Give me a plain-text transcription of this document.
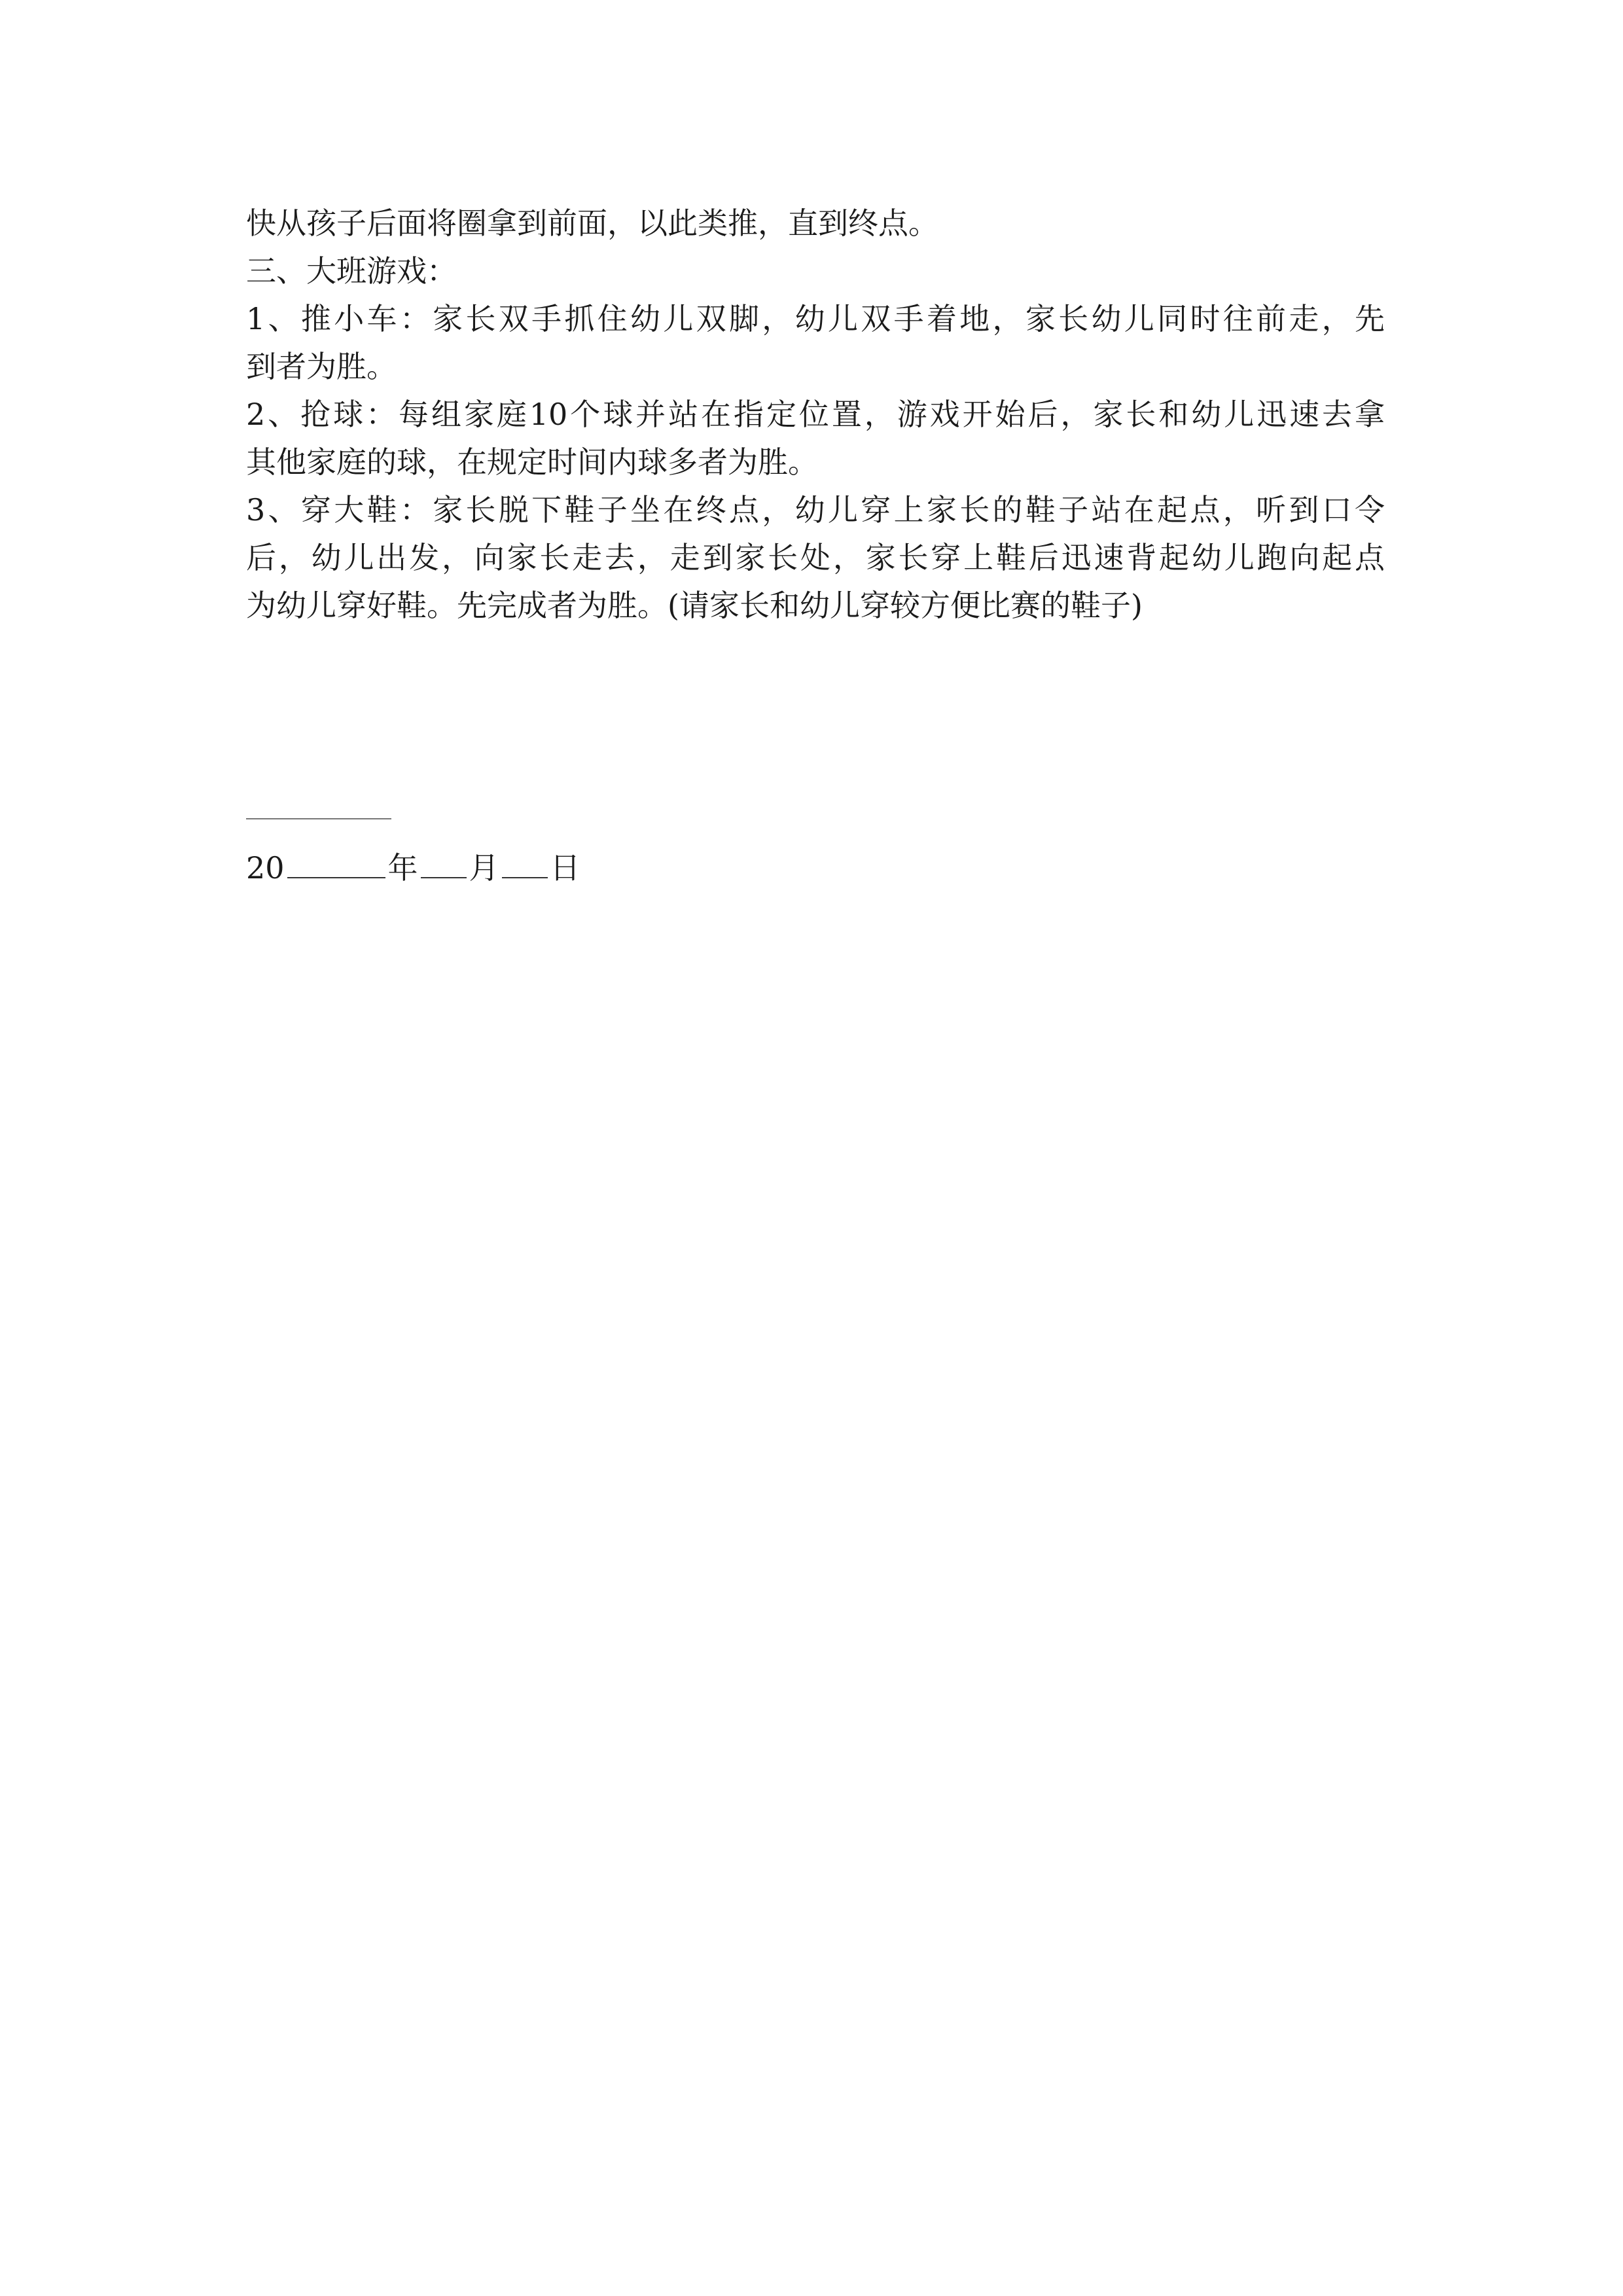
快从孩子后面将圈拿到前面，以此类推，直到终点。
三、大班游戏：
1、推小车：家长双手抓住幼儿双脚，幼儿双手着地，家长幼儿同时往前走，先
到者为胜。
2、抢球：每组家庭10个球并站在指定位置，游戏开始后，家长和幼儿迅速去拿
其他家庭的球，在规定时间内球多者为胜。
3、穿大鞋：家长脱下鞋子坐在终点，幼儿穿上家长的鞋子站在起点，听到口令
后，幼儿出发，向家长走去，走到家长处，家长穿上鞋后迅速背起幼儿跑向起点
为幼儿穿好鞋。先完成者为胜。(请家长和幼儿穿较方便比赛的鞋子)
20	年 月 日
